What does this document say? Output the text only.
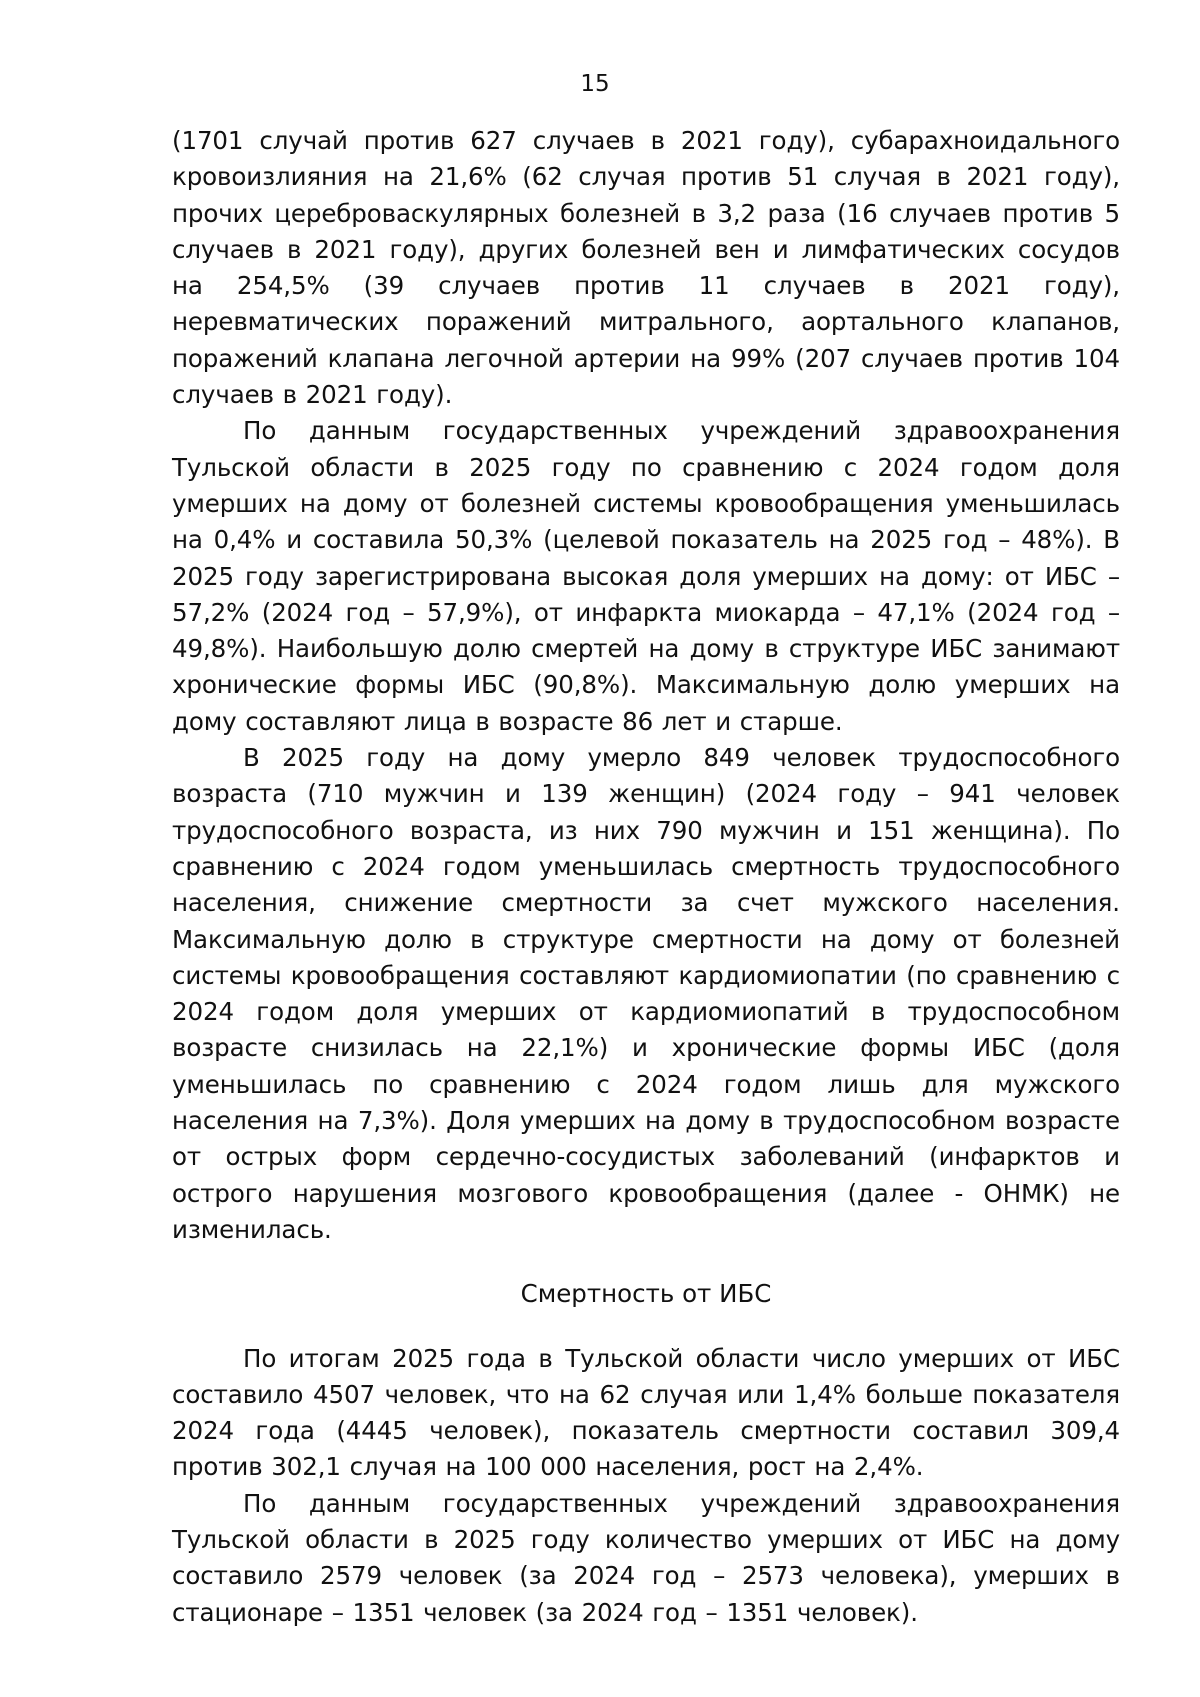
15

(1701 случай против 627 случаев в 2021 году), субарахноидального кровоизлияния на 21,6% (62 случая против 51 случая в 2021 году), прочих цереброваскулярных болезней в 3,2 раза (16 случаев против 5 случаев в 2021 году), других болезней вен и лимфатических сосудов на 254,5% (39 случаев против 11 случаев в 2021 году), неревматических поражений митрального, аортального клапанов, поражений клапана легочной артерии на 99% (207 случаев против 104 случаев в 2021 году).

По данным государственных учреждений здравоохранения Тульской области в 2025 году по сравнению с 2024 годом доля умерших на дому от болезней системы кровообращения уменьшилась на 0,4% и составила 50,3% (целевой показатель на 2025 год – 48%). В 2025 году зарегистрирована высокая доля умерших на дому: от ИБС – 57,2% (2024 год – 57,9%), от инфаркта миокарда – 47,1% (2024 год – 49,8%). Наибольшую долю смертей на дому в структуре ИБС занимают хронические формы ИБС (90,8%). Максимальную долю умерших на дому составляют лица в возрасте 86 лет и старше.

В 2025 году на дому умерло 849 человек трудоспособного возраста (710 мужчин и 139 женщин) (2024 году – 941 человек трудоспособного возраста, из них 790 мужчин и 151 женщина). По сравнению с 2024 годом уменьшилась смертность трудоспособного населения, снижение смертности за счет мужского населения. Максимальную долю в структуре смертности на дому от болезней системы кровообращения составляют кардиомиопатии (по сравнению с 2024 годом доля умерших от кардиомиопатий в трудоспособном возрасте снизилась на 22,1%) и хронические формы ИБС (доля уменьшилась по сравнению с 2024 годом лишь для мужского населения на 7,3%). Доля умерших на дому в трудоспособном возрасте от острых форм сердечно-сосудистых заболеваний (инфарктов и острого нарушения мозгового кровообращения (далее - ОНМК) не изменилась.

Смертность от ИБС

По итогам 2025 года в Тульской области число умерших от ИБС составило 4507 человек, что на 62 случая или 1,4% больше показателя 2024 года (4445 человек), показатель смертности составил 309,4 против 302,1 случая на 100 000 населения, рост на 2,4%.

По данным государственных учреждений здравоохранения Тульской области в 2025 году количество умерших от ИБС на дому составило 2579 человек (за 2024 год – 2573 человека), умерших в стационаре – 1351 человек (за 2024 год – 1351 человек).
